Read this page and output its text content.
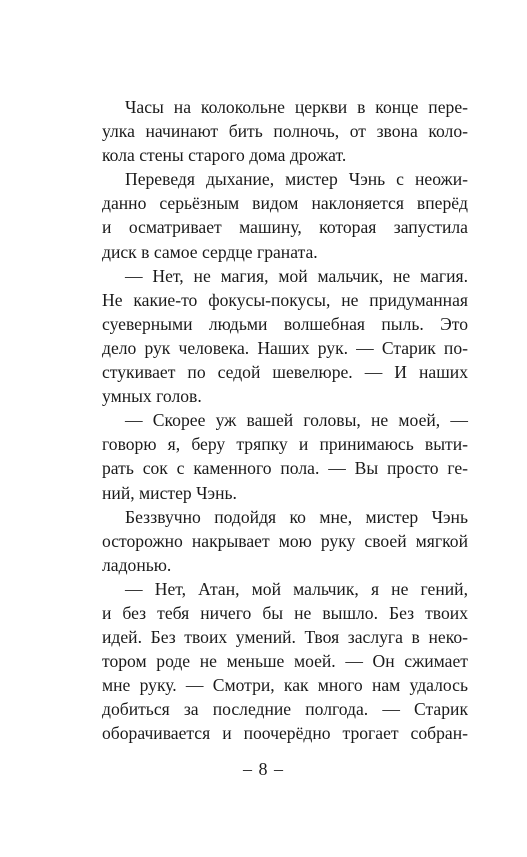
Часы на колокольне церкви в конце пере-
улка начинают бить полночь, от звона коло-
кола стены старого дома дрожат.
Переведя дыхание, мистер Чэнь с неожи-
данно серьёзным видом наклоняется вперёд
и осматривает машину, которая запустила
диск в самое сердце граната.
— Нет, не магия, мой мальчик, не магия.
Не какие-то фокусы-покусы, не придуманная
суеверными людьми волшебная пыль. Это
дело рук человека. Наших рук. — Старик по-
стукивает по седой шевелюре. — И наших
умных голов.
— Скорее уж вашей головы, не моей, —
говорю я, беру тряпку и принимаюсь выти-
рать сок с каменного пола. — Вы просто ге-
ний, мистер Чэнь.
Беззвучно подойдя ко мне, мистер Чэнь
осторожно накрывает мою руку своей мягкой
ладонью.
— Нет, Атан, мой мальчик, я не гений,
и без тебя ничего бы не вышло. Без твоих
идей. Без твоих умений. Твоя заслуга в неко-
тором роде не меньше моей. — Он сжимает
мне руку. — Смотри, как много нам удалось
добиться за последние полгода. — Старик
оборачивается и поочерёдно трогает собран-
– 8 –
